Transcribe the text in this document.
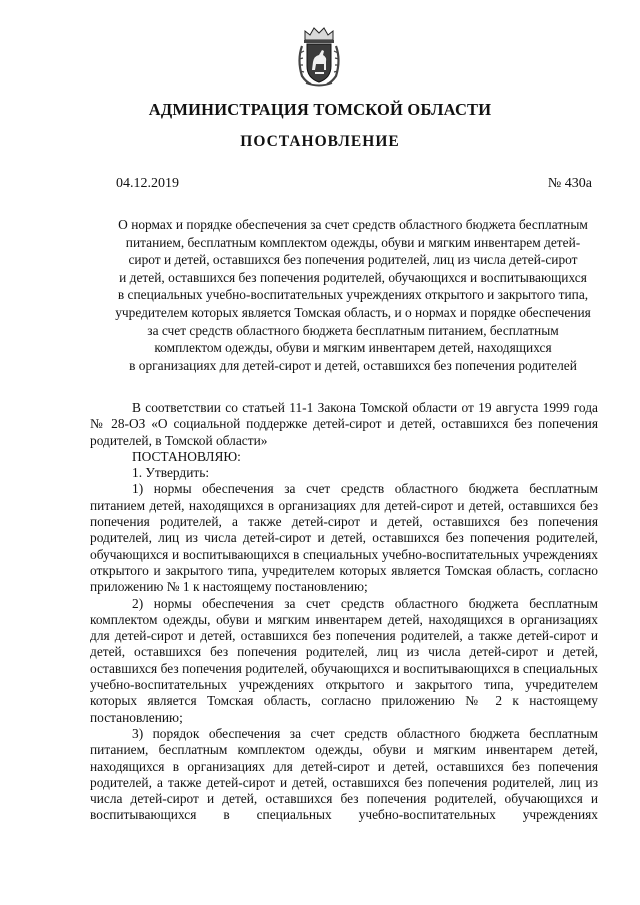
АДМИНИСТРАЦИЯ ТОМСКОЙ ОБЛАСТИ
ПОСТАНОВЛЕНИЕ
04.12.2019	№ 430а
О нормах и порядке обеспечения за счет средств областного бюджета бесплатным
питанием, бесплатным комплектом одежды, обуви и мягким инвентарем детей-
сирот и детей, оставшихся без попечения родителей, лиц из числа детей-сирот
и детей, оставшихся без попечения родителей, обучающихся и воспитывающихся
в специальных учебно-воспитательных учреждениях открытого и закрытого типа,
учредителем которых является Томская область, и о нормах и порядке обеспечения
за счет средств областного бюджета бесплатным питанием, бесплатным
комплектом одежды, обуви и мягким инвентарем детей, находящихся
в организациях для детей-сирот и детей, оставшихся без попечения родителей

В соответствии со статьей 11-1 Закона Томской области от 19 августа 1999 года № 28-ОЗ «О социальной поддержке детей-сирот и детей, оставшихся без попечения родителей, в Томской области»

ПОСТАНОВЛЯЮ:

1. Утвердить:

1) нормы обеспечения за счет средств областного бюджета бесплатным питанием детей, находящихся в организациях для детей-сирот и детей, оставшихся без попечения родителей, а также детей-сирот и детей, оставшихся без попечения родителей, лиц из числа детей-сирот и детей, оставшихся без попечения родителей, обучающихся и воспитывающихся в специальных учебно-воспитательных учреждениях открытого и закрытого типа, учредителем которых является Томская область, согласно приложению № 1 к настоящему постановлению;

2) нормы обеспечения за счет средств областного бюджета бесплатным комплектом одежды, обуви и мягким инвентарем детей, находящихся в организациях для детей-сирот и детей, оставшихся без попечения родителей, а также детей-сирот и детей, оставшихся без попечения родителей, лиц из числа детей-сирот и детей, оставшихся без попечения родителей, обучающихся и воспитывающихся в специальных учебно-воспитательных учреждениях открытого и закрытого типа, учредителем которых является Томская область, согласно приложению № 2 к настоящему постановлению;

3) порядок обеспечения за счет средств областного бюджета бесплатным питанием, бесплатным комплектом одежды, обуви и мягким инвентарем детей, находящихся в организациях для детей-сирот и детей, оставшихся без попечения родителей, а также детей-сирот и детей, оставшихся без попечения родителей, лиц из числа детей-сирот и детей, оставшихся без попечения родителей, обучающихся и воспитывающихся в специальных учебно-воспитательных учреждениях
